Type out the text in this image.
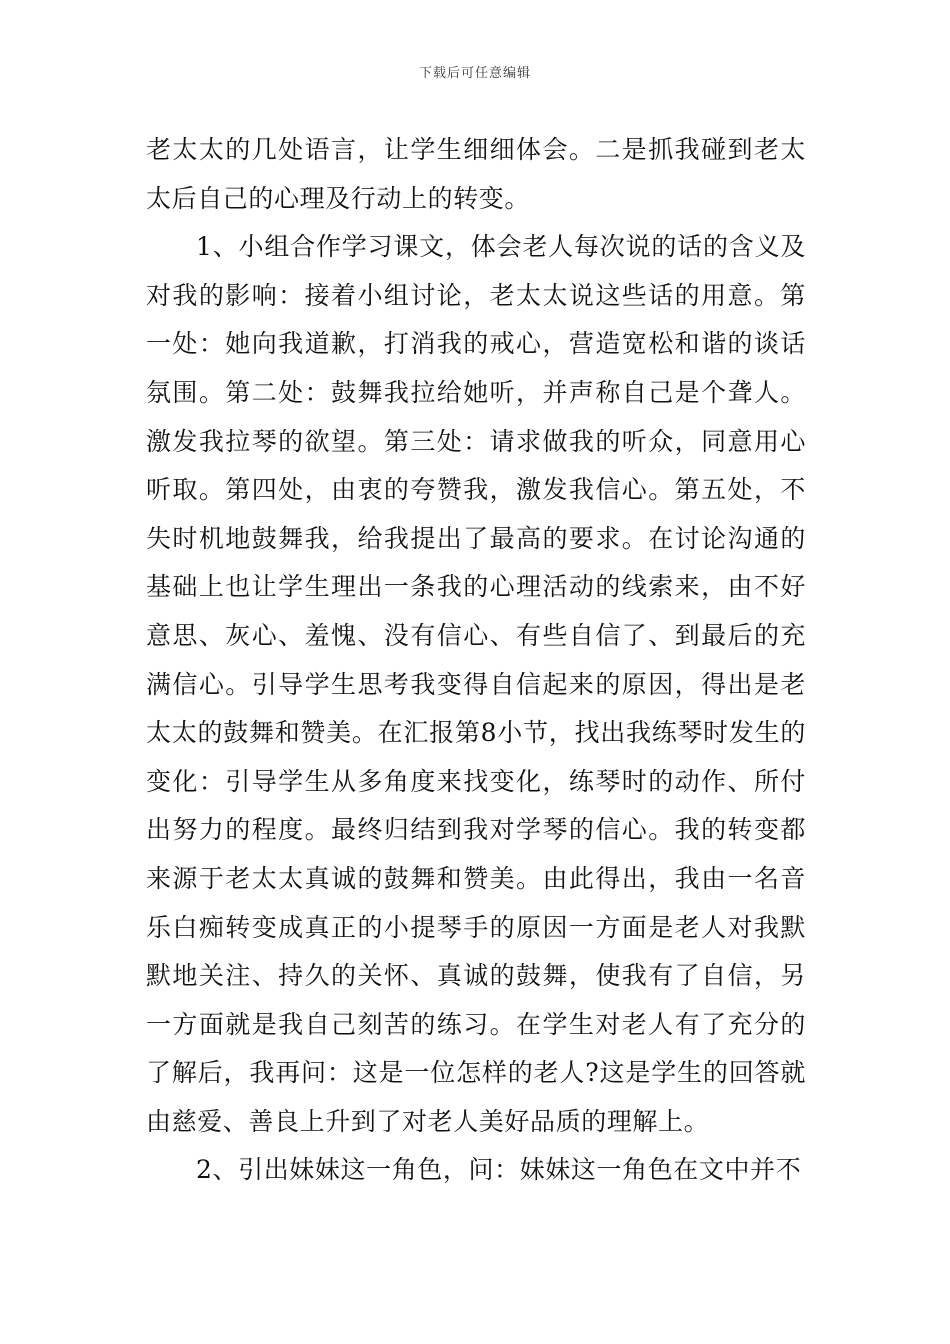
下载后可任意编辑

老太太的几处语言，让学生细细体会。二是抓我碰到老太太后自己的心理及行动上的转变。

1、小组合作学习课文，体会老人每次说的话的含义及对我的影响：接着小组讨论，老太太说这些话的用意。第一处：她向我道歉，打消我的戒心，营造宽松和谐的谈话氛围。第二处：鼓舞我拉给她听，并声称自己是个聋人。激发我拉琴的欲望。第三处：请求做我的听众，同意用心听取。第四处，由衷的夸赞我，激发我信心。第五处，不失时机地鼓舞我，给我提出了最高的要求。在讨论沟通的基础上也让学生理出一条我的心理活动的线索来，由不好意思、灰心、羞愧、没有信心、有些自信了、到最后的充满信心。引导学生思考我变得自信起来的原因，得出是老太太的鼓舞和赞美。在汇报第8小节，找出我练琴时发生的变化：引导学生从多角度来找变化，练琴时的动作、所付出努力的程度。最终归结到我对学琴的信心。我的转变都来源于老太太真诚的鼓舞和赞美。由此得出，我由一名音乐白痴转变成真正的小提琴手的原因一方面是老人对我默默地关注、持久的关怀、真诚的鼓舞，使我有了自信，另一方面就是我自己刻苦的练习。在学生对老人有了充分的了解后，我再问：这是一位怎样的老人?这是学生的回答就由慈爱、善良上升到了对老人美好品质的理解上。

2、引出妹妹这一角色，问：妹妹这一角色在文中并不
